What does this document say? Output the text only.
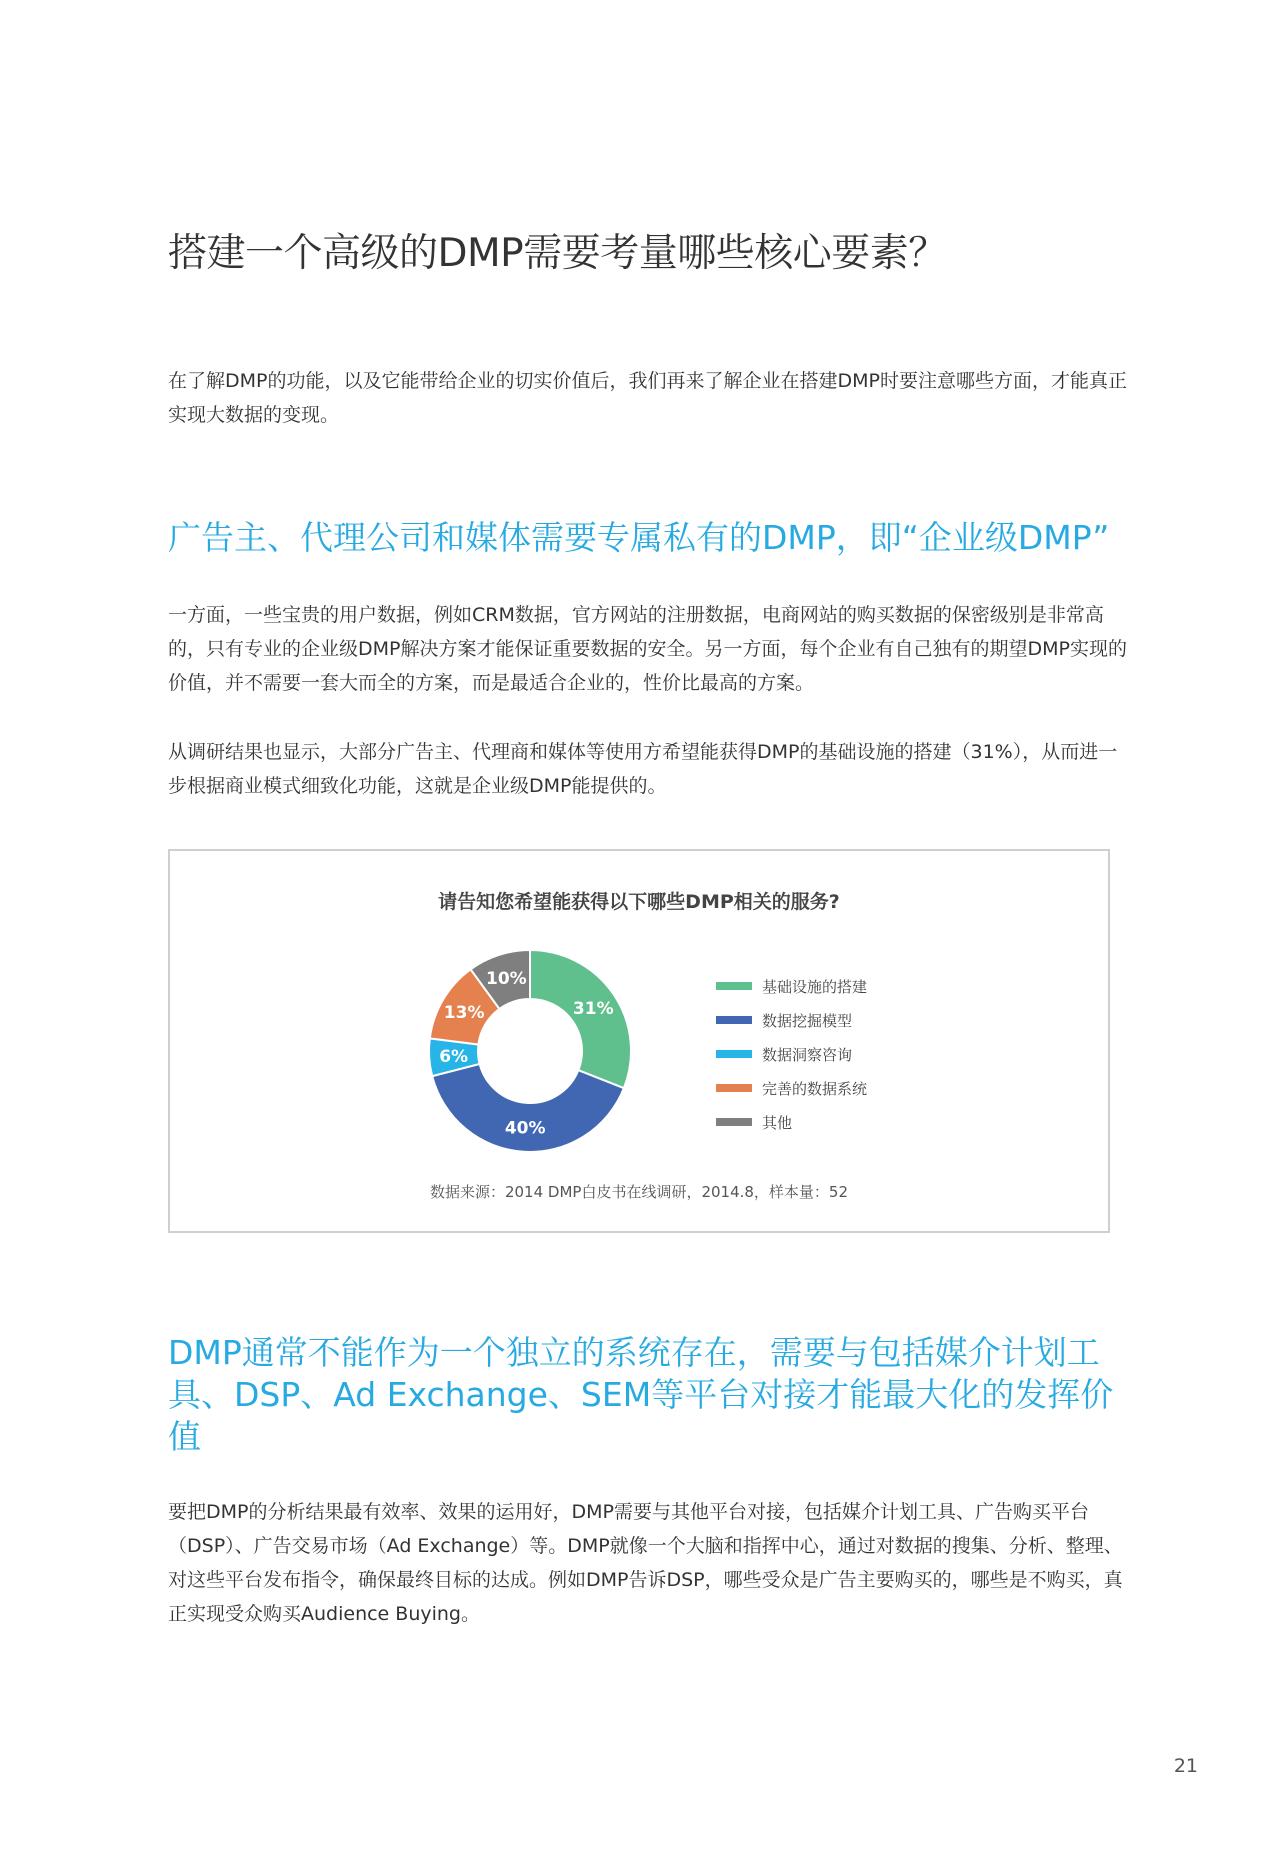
搭建一个高级的DMP需要考量哪些核心要素？

在了解DMP的功能，以及它能带给企业的切实价值后，我们再来了解企业在搭建DMP时要注意哪些方面，才能真正实现大数据的变现。

广告主、代理公司和媒体需要专属私有的DMP，即“企业级DMP”

一方面，一些宝贵的用户数据，例如CRM数据，官方网站的注册数据，电商网站的购买数据的保密级别是非常高的，只有专业的企业级DMP解决方案才能保证重要数据的安全。另一方面，每个企业有自己独有的期望DMP实现的价值，并不需要一套大而全的方案，而是最适合企业的，性价比最高的方案。

从调研结果也显示，大部分广告主、代理商和媒体等使用方希望能获得DMP的基础设施的搭建（31%），从而进一步根据商业模式细致化功能，这就是企业级DMP能提供的。

请告知您希望能获得以下哪些DMP相关的服务?

31%
40%
6%
13%
10%	基础设施的搭建
数据挖掘模型
数据洞察咨询
完善的数据系统
其他

数据来源：2014 DMP白皮书在线调研，2014.8，样本量：52

DMP通常不能作为一个独立的系统存在，需要与包括媒介计划工具、DSP、Ad Exchange、SEM等平台对接才能最大化的发挥价值

要把DMP的分析结果最有效率、效果的运用好，DMP需要与其他平台对接，包括媒介计划工具、广告购买平台（DSP）、广告交易市场（Ad Exchange）等。DMP就像一个大脑和指挥中心，通过对数据的搜集、分析、整理、对这些平台发布指令，确保最终目标的达成。例如DMP告诉DSP，哪些受众是广告主要购买的，哪些是不购买，真正实现受众购买Audience Buying。

21
